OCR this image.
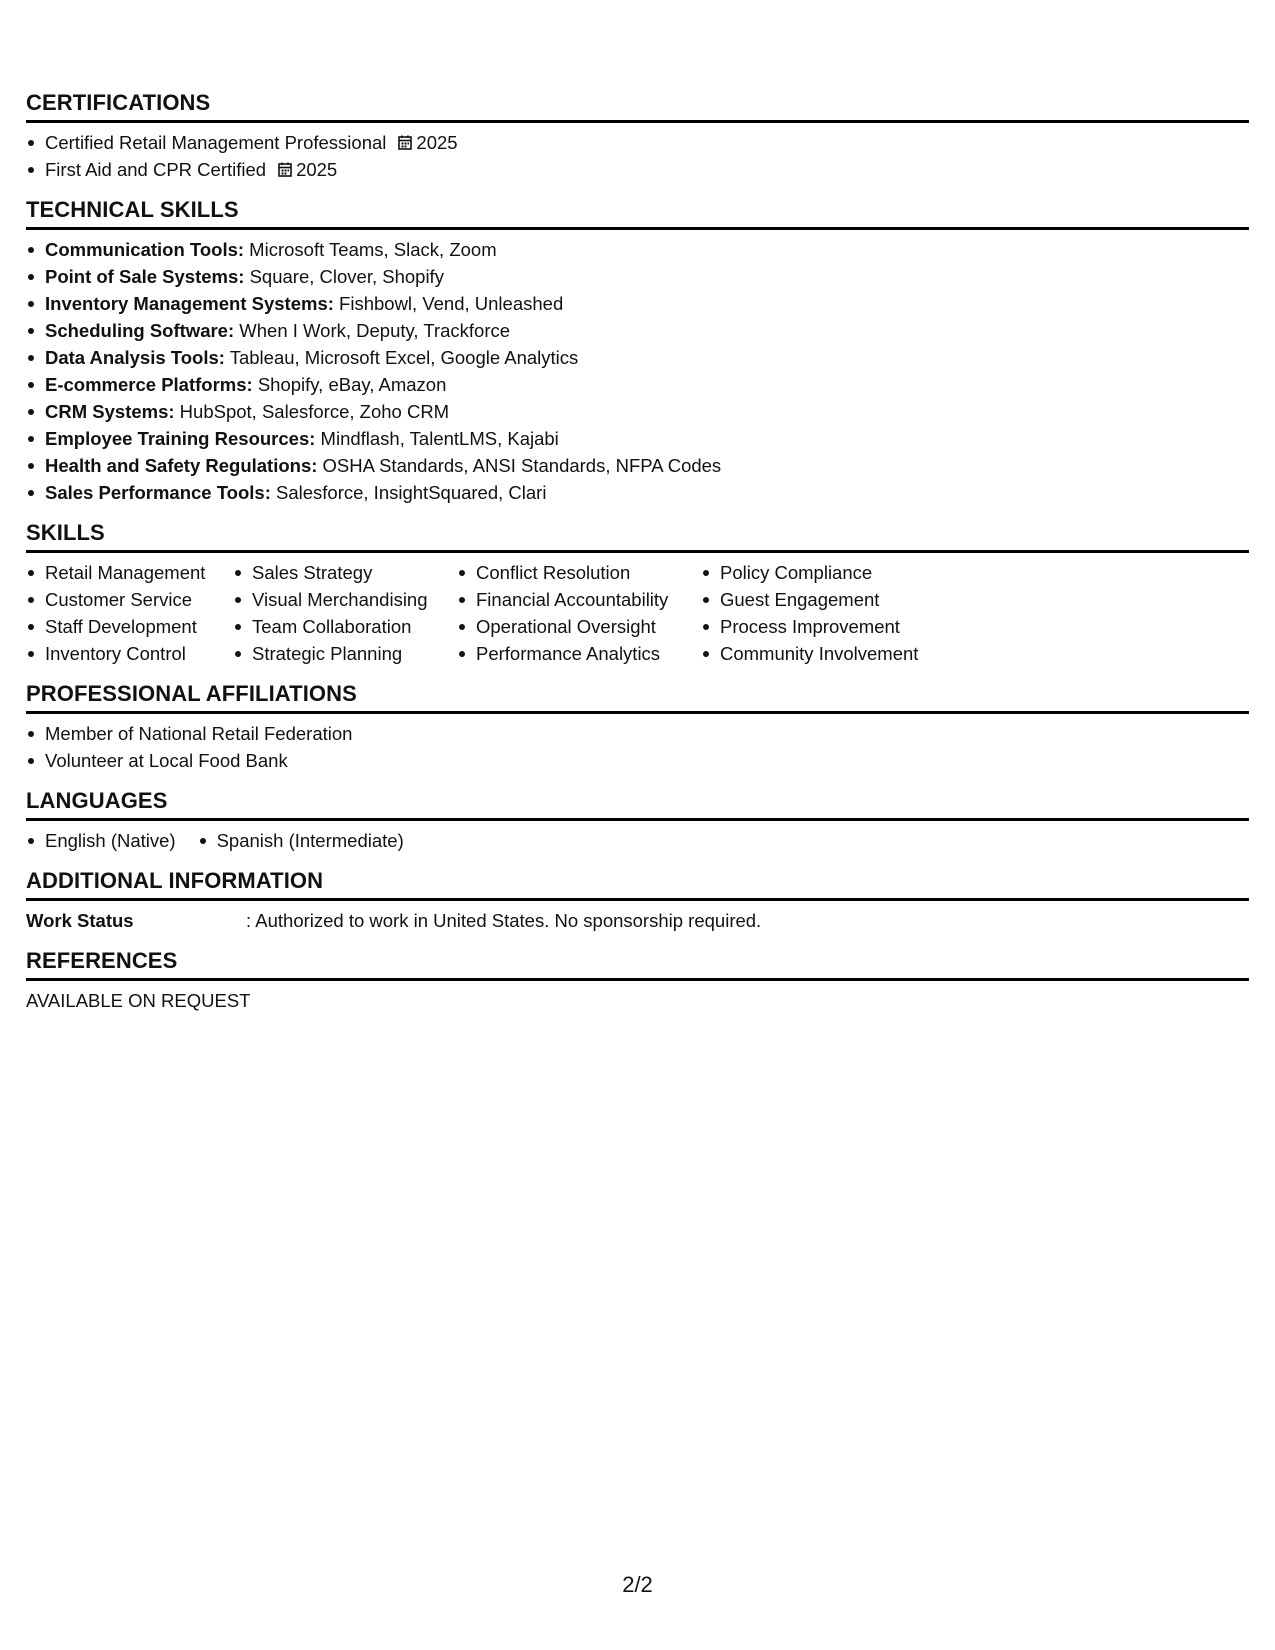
CERTIFICATIONS
Certified Retail Management Professional 2025
First Aid and CPR Certified 2025
TECHNICAL SKILLS
Communication Tools: Microsoft Teams, Slack, Zoom
Point of Sale Systems: Square, Clover, Shopify
Inventory Management Systems: Fishbowl, Vend, Unleashed
Scheduling Software: When I Work, Deputy, Trackforce
Data Analysis Tools: Tableau, Microsoft Excel, Google Analytics
E-commerce Platforms: Shopify, eBay, Amazon
CRM Systems: HubSpot, Salesforce, Zoho CRM
Employee Training Resources: Mindflash, TalentLMS, Kajabi
Health and Safety Regulations: OSHA Standards, ANSI Standards, NFPA Codes
Sales Performance Tools: Salesforce, InsightSquared, Clari
SKILLS
Retail Management
Customer Service
Staff Development
Inventory Control
Sales Strategy
Visual Merchandising
Team Collaboration
Strategic Planning
Conflict Resolution
Financial Accountability
Operational Oversight
Performance Analytics
Policy Compliance
Guest Engagement
Process Improvement
Community Involvement
PROFESSIONAL AFFILIATIONS
Member of National Retail Federation
Volunteer at Local Food Bank
LANGUAGES
English (Native)	Spanish (Intermediate)
ADDITIONAL INFORMATION
Work Status	: Authorized to work in United States. No sponsorship required.
REFERENCES
AVAILABLE ON REQUEST
2/2
